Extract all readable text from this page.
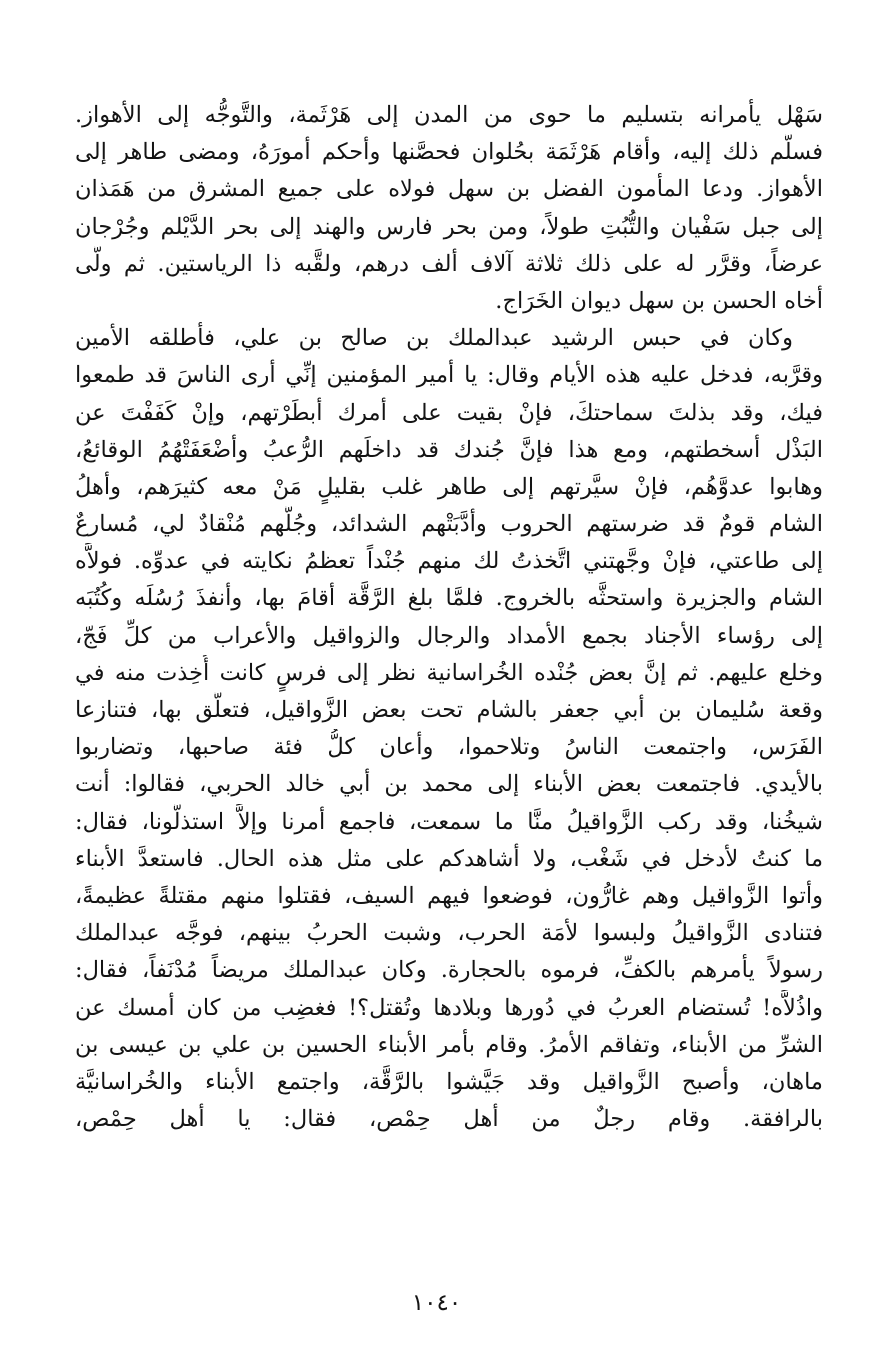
سَهْل يأمرانه بتسليم ما حوى من المدن إلى هَرْثَمة، والتَّوجُّه إلى الأهواز.
فسلَّم ذلك إليه، وأقام هَرْثَمَة بحُلوان فحصَّنها وأحكم أمورَهُ، ومضى طاهر إلى
الأهواز. ودعا المأمون الفضل بن سهل فولاه على جميع المشرق من هَمَذان
إلى جبل سَفْيان والتُّبُتِ طولاً، ومن بحر فارس والهند إلى بحر الدَّيْلم وجُرْجان
عرضاً، وقرَّر له على ذلك ثلاثة آلاف ألف درهم، ولقَّبه ذا الرياستين. ثم ولَّى
أخاه الحسن بن سهل ديوان الخَرَاج.
وكان في حبس الرشيد عبدالملك بن صالح بن علي، فأطلقه الأمين
وقرَّبه، فدخل عليه هذه الأيام وقال: يا أمير المؤمنين إنِّي أرى الناسَ قد طمعوا
فيك، وقد بذلتَ سماحتكَ، فإنْ بقيت على أمرك أبطَرْتهم، وإنْ كَفَفْتَ عن
البَذْل أسخطتهم، ومع هذا فإنَّ جُندك قد داخلَهم الرُّعبُ وأضْعَفَتْهُمُ الوقائعُ،
وهابوا عدوَّهُم، فإنْ سيَّرتهم إلى طاهر غلب بقليلٍ مَنْ معه كثيرَهم، وأهلُ
الشام قومٌ قد ضرستهم الحروب وأدَّبَتْهم الشدائد، وجُلُّهم مُنْقادٌ لي، مُسارعٌ
إلى طاعتي، فإنْ وجَّهتني اتَّخذتُ لك منهم جُنْداً تعظمُ نكايته في عدوِّه. فولاَّه
الشام والجزيرة واستحثَّه بالخروج. فلمَّا بلغ الرَّقَّة أقامَ بها، وأنفذَ رُسُلَه وكُتُبَه
إلى رؤساء الأجناد بجمع الأمداد والرجال والزواقيل والأعراب من كلِّ فَجّ،
وخلع عليهم. ثم إنَّ بعض جُنْده الخُراسانية نظر إلى فرسٍ كانت أُخِذت منه في
وقعة سُليمان بن أبي جعفر بالشام تحت بعض الزَّواقيل، فتعلَّق بها، فتنازعا
الفَرَس، واجتمعت الناسُ وتلاحموا، وأعان كلُّ فئة صاحبها، وتضاربوا
بالأيدي. فاجتمعت بعض الأبناء إلى محمد بن أبي خالد الحربي، فقالوا: أنت
شيخُنا، وقد ركب الزَّواقيلُ منَّا ما سمعت، فاجمع أمرنا وإلاَّ استذلُّونا، فقال:
ما كنتُ لأدخل في شَغْب، ولا أشاهدكم على مثل هذه الحال. فاستعدَّ الأبناء
وأتوا الزَّواقيل وهم غارُّون، فوضعوا فيهم السيف، فقتلوا منهم مقتلةً عظيمةً،
فتنادى الزَّواقيلُ ولبسوا لأمَة الحرب، وشبت الحربُ بينهم، فوجَّه عبدالملك
رسولاً يأمرهم بالكفِّ، فرموه بالحجارة. وكان عبدالملك مريضاً مُدْنَفاً، فقال:
واذُلاَّه! تُستضام العربُ في دُورها وبلادها وتُقتل؟! فغضِب من كان أمسك عن
الشرِّ من الأبناء، وتفاقم الأمرُ. وقام بأمر الأبناء الحسين بن علي بن عيسى بن
ماهان، وأصبح الزَّواقيل وقد جَيَّشوا بالرَّقَّة، واجتمع الأبناء والخُراسانيَّة
بالرافقة. وقام رجلٌ من أهل حِمْص، فقال: يا أهل حِمْص،
١٠٤٠
